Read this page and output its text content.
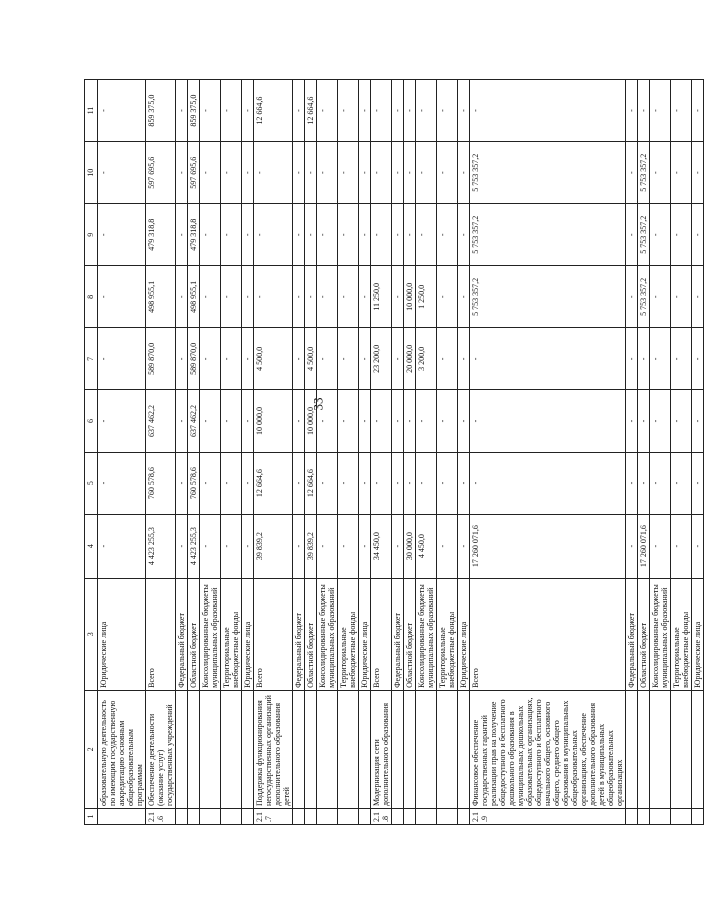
33
1	2	3	4	5	6	7	8	9	10	11
	образовательную деятельность по имеющим государственную аккредитацию основным общеобразовательным программам	Юридические лица	-	-	-	-	-	-	-	-
2.1.6	Обеспечение деятельности (оказание услуг) государственных учреждений	Всего	4 423 255,3	760 578,6	637 462,2	589 870,0	498 955,1	479 318,8	597 695,6	859 375,0
		Федеральный бюджет	-	-	-	-	-	-	-	-
		Областной бюджет	4 423 255,3	760 578,6	637 462,2	589 870,0	498 955,1	479 318,8	597 695,6	859 375,0
		Консолидированные бюджеты муниципальных образований	-	-	-	-	-	-	-	-
		Территориальные внебюджетные фонды	-	-	-	-	-	-	-	-
		Юридические лица	-	-	-	-	-	-	-	-
2.1.7	Поддержка функционирования негосударственных организаций дополнительного образования детей	Всего	39 839,2	12 664,6	10 000,0	4 500,0	-	-	-	12 664,6
		Федеральный бюджет	-	-	-	-	-	-	-	-
		Областной бюджет	39 839,2	12 664,6	10 000,0	4 500,0	-	-	-	12 664,6
		Консолидированные бюджеты муниципальных образований	-	-	-	-	-	-	-	-
		Территориальные внебюджетные фонды	-	-	-	-	-	-	-	-
		Юридические лица	-	-	-	-	-	-	-	-
2.1.8	Модернизация сети дополнительного образования	Всего	34 450,0	-	-	23 200,0	11 250,0	-	-	-
		Федеральный бюджет	-	-	-	-	-	-	-	-
		Областной бюджет	30 000,0	-	-	20 000,0	10 000,0	-	-	-
		Консолидированные бюджеты муниципальных образований	4 450,0	-	-	3 200,0	1 250,0	-	-	-
		Территориальные внебюджетные фонды	-	-	-	-	-	-	-	-
		Юридические лица	-	-	-	-	-	-	-	-
2.1.9	Финансовое обеспечение государственных гарантий реализации прав на получение общедоступного и бесплатного дошкольного образования в муниципальных дошкольных образовательных организациях, общедоступного и бесплатного начального общего, основного общего, среднего общего образования в муниципальных общеобразовательных организациях, обеспечение дополнительного образования детей в муниципальных общеобразовательных организациях	Всего	17 260 071,6	-	-	-	5 753 357,2	5 753 357,2	5 753 357,2	-
		Федеральный бюджет	-	-	-	-	-	-	-	-
		Областной бюджет	17 260 071,6	-	-	-	5 753 357,2	5 753 357,2	5 753 357,2	-
		Консолидированные бюджеты муниципальных образований	-	-	-	-	-	-	-	-
		Территориальные внебюджетные фонды	-	-	-	-	-	-	-	-
		Юридические лица	-	-	-	-	-	-	-	-
